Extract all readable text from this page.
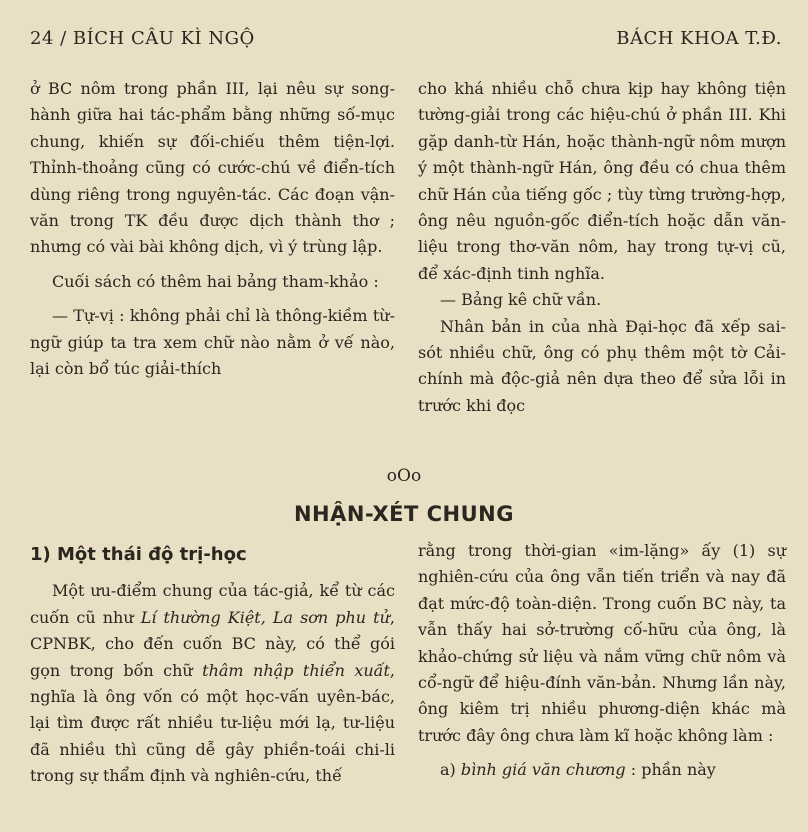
24 / BÍCH CÂU KÌ NGỘ	BÁCH KHOA T.Đ.

ở BC nôm trong phần III, lại nêu sự song-hành giữa hai tác-phẩm bằng những số-mục chung, khiến sự đối-chiếu thêm tiện-lợi. Thỉnh-thoảng cũng có cước-chú về điển-tích dùng riêng trong nguyên-tác. Các đoạn vận-văn trong TK đều được dịch thành thơ ; nhưng có vài bài không dịch, vì ý trùng lập.

Cuối sách có thêm hai bảng tham-khảo :

— Tự-vị : không phải chỉ là thông-kiềm từ-ngữ giúp ta tra xem chữ nào nằm ở vế nào, lại còn bổ túc giải-thích

cho khá nhiều chỗ chưa kịp hay không tiện tường-giải trong các hiệu-chú ở phần III. Khi gặp danh-từ Hán, hoặc thành-ngữ nôm mượn ý một thành-ngữ Hán, ông đều có chua thêm chữ Hán của tiếng gốc ; tùy từng trường-hợp, ông nêu nguồn-gốc điển-tích hoặc dẫn văn-liệu trong thơ-văn nôm, hay trong tự-vị cũ, để xác-định tinh nghĩa.

— Bảng kê chữ vần.

Nhân bản in của nhà Đại-học đã xếp sai-sót nhiều chữ, ông có phụ thêm một tờ Cải-chính mà độc-giả nên dựa theo để sửa lỗi in trước khi đọc

oOo
NHẬN-XÉT CHUNG

1) Một thái độ trị-học

Một ưu-điểm chung của tác-giả, kể từ các cuốn cũ như Lí thường Kiệt, La sơn phu tử, CPNBK, cho đến cuốn BC này, có thể gói gọn trong bốn chữ thâm nhập thiển xuất, nghĩa là ông vốn có một học-vấn uyên-bác, lại tìm được rất nhiều tư-liệu mới lạ, tư-liệu đã nhiều thì cũng dễ gây phiền-toái chi-li trong sự thẩm định và nghiên-cứu, thế

rằng trong thời-gian «im-lặng» ấy (1) sự nghiên-cứu của ông vẫn tiến triển và nay đã đạt mức-độ toàn-diện. Trong cuốn BC này, ta vẫn thấy hai sở-trường cố-hữu của ông, là khảo-chứng sử liệu và nắm vững chữ nôm và cổ-ngữ để hiệu-đính văn-bản. Nhưng lần này, ông kiêm trị nhiều phương-diện khác mà trước đây ông chưa làm kĩ hoặc không làm :

a) bình giá văn chương : phần này
